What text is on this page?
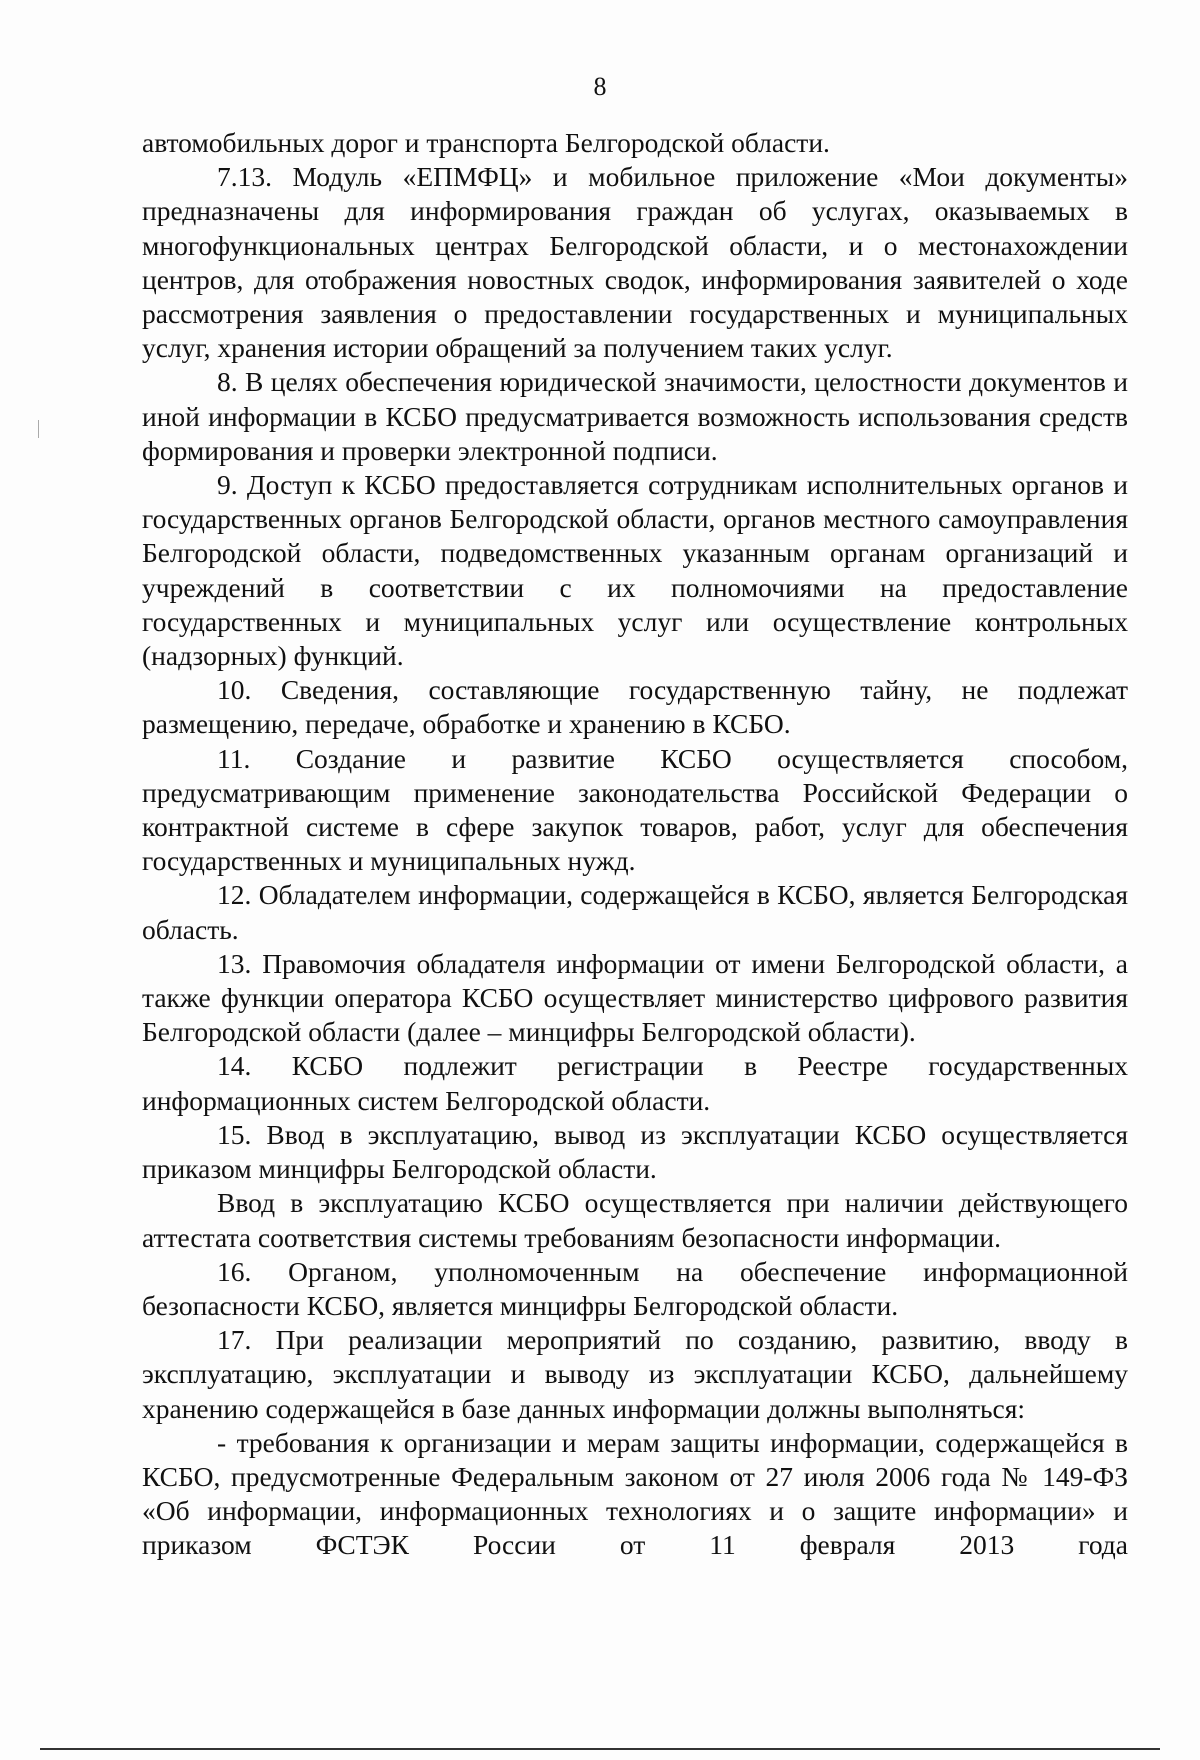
8

автомобильных дорог и транспорта Белгородской области.

7.13. Модуль «ЕПМФЦ» и мобильное приложение «Мои документы» предназначены для информирования граждан об услугах, оказываемых в многофункциональных центрах Белгородской области, и о местонахождении центров, для отображения новостных сводок, информирования заявителей о ходе рассмотрения заявления о предоставлении государственных и муниципальных услуг, хранения истории обращений за получением таких услуг.

8. В целях обеспечения юридической значимости, целостности документов и иной информации в КСБО предусматривается возможность использования средств формирования и проверки электронной подписи.

9. Доступ к КСБО предоставляется сотрудникам исполнительных органов и государственных органов Белгородской области, органов местного самоуправления Белгородской области, подведомственных указанным органам организаций и учреждений в соответствии с их полномочиями на предоставление государственных и муниципальных услуг или осуществление контрольных (надзорных) функций.

10. Сведения, составляющие государственную тайну, не подлежат размещению, передаче, обработке и хранению в КСБО.

11. Создание и развитие КСБО осуществляется способом, предусматривающим применение законодательства Российской Федерации о контрактной системе в сфере закупок товаров, работ, услуг для обеспечения государственных и муниципальных нужд.

12. Обладателем информации, содержащейся в КСБО, является Белгородская область.

13. Правомочия обладателя информации от имени Белгородской области, а также функции оператора КСБО осуществляет министерство цифрового развития Белгородской области (далее – минцифры Белгородской области).

14. КСБО подлежит регистрации в Реестре государственных информационных систем Белгородской области.

15. Ввод в эксплуатацию, вывод из эксплуатации КСБО осуществляется приказом минцифры Белгородской области.

Ввод в эксплуатацию КСБО осуществляется при наличии действующего аттестата соответствия системы требованиям безопасности информации.

16. Органом, уполномоченным на обеспечение информационной безопасности КСБО, является минцифры Белгородской области.

17. При реализации мероприятий по созданию, развитию, вводу в эксплуатацию, эксплуатации и выводу из эксплуатации КСБО, дальнейшему хранению содержащейся в базе данных информации должны выполняться:

- требования к организации и мерам защиты информации, содержащейся в КСБО, предусмотренные Федеральным законом от 27 июля 2006 года № 149-ФЗ «Об информации, информационных технологиях и о защите информации» и приказом ФСТЭК России от 11 февраля 2013 года
